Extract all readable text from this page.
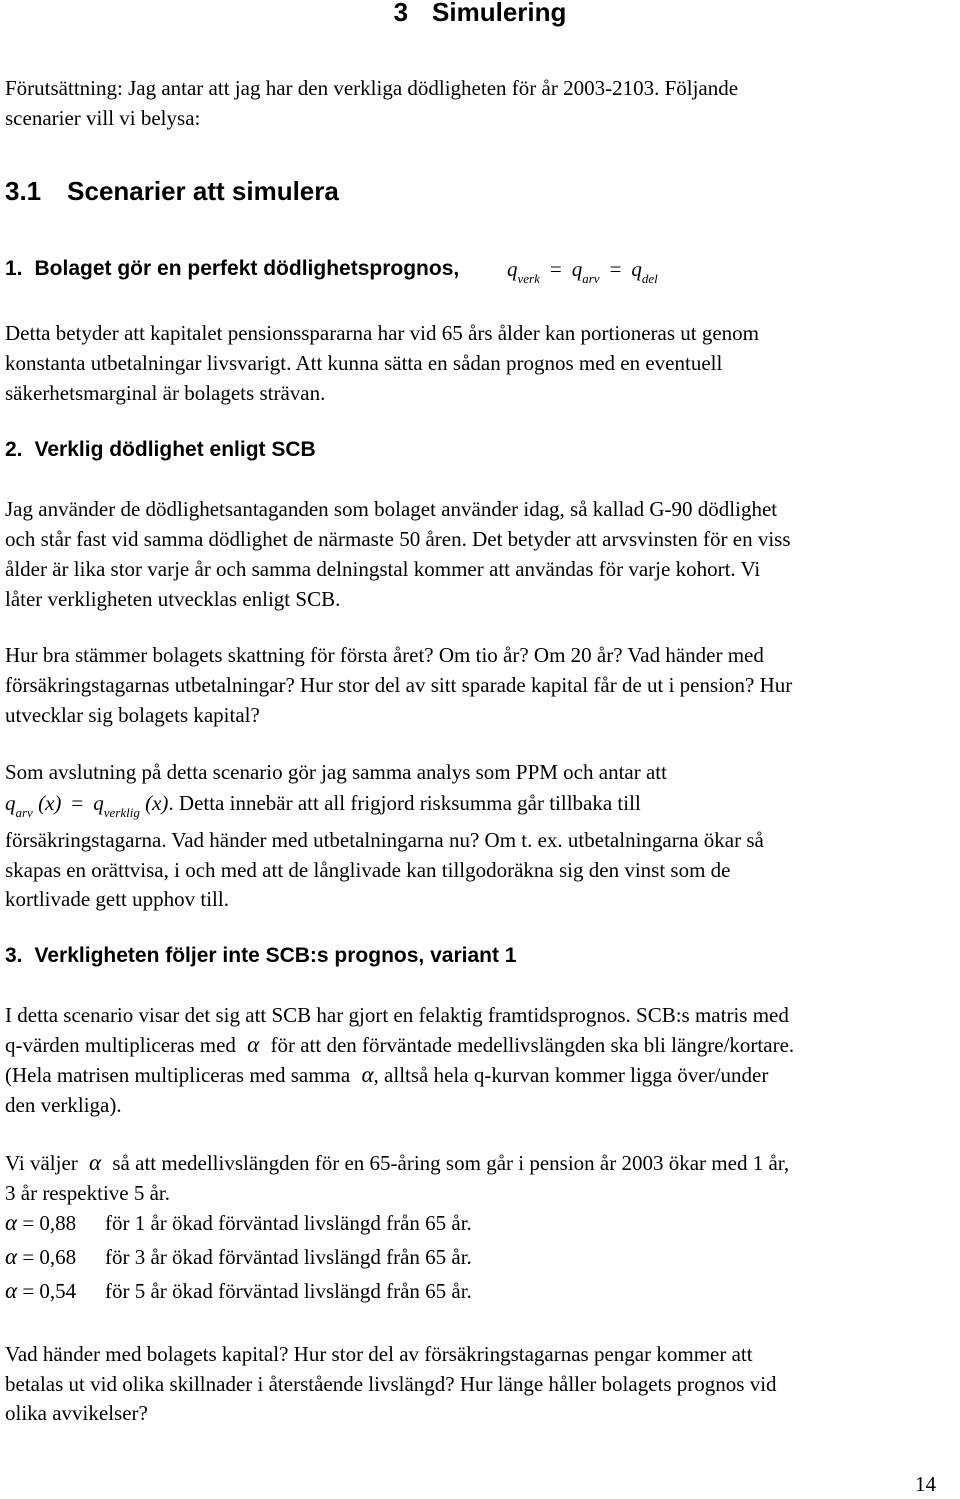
3 Simulering

Förutsättning: Jag antar att jag har den verkliga dödligheten för år 2003-2103. Följande

scenarier vill vi belysa:

3.1 Scenarier att simulera
1. Bolaget gör en perfekt dödlighetsprognos, $q_{verk} = q_{arv} = q_{del}$

Detta betyder att kapitalet pensionsspararna har vid 65 års ålder kan portioneras ut genom

konstanta utbetalningar livsvarigt. Att kunna sätta en sådan prognos med en eventuell

säkerhetsmarginal är bolagets strävan.

2. Verklig dödlighet enligt SCB

Jag använder de dödlighetsantaganden som bolaget använder idag, så kallad G-90 dödlighet

och står fast vid samma dödlighet de närmaste 50 åren. Det betyder att arvsvinsten för en viss

ålder är lika stor varje år och samma delningstal kommer att användas för varje kohort. Vi

låter verkligheten utvecklas enligt SCB.

Hur bra stämmer bolagets skattning för första året? Om tio år? Om 20 år? Vad händer med

försäkringstagarnas utbetalningar? Hur stor del av sitt sparade kapital får de ut i pension? Hur

utvecklar sig bolagets kapital?

Som avslutning på detta scenario gör jag samma analys som PPM och antar att

$q_{arv}$ $(x) = q_{verklig}$ (x). Detta innebär att all frigjord risksumma går tillbaka till

försäkringstagarna. Vad händer med utbetalningarna nu? Om t. ex. utbetalningarna ökar så

skapas en orättvisa, i och med att de långlivade kan tillgodoräkna sig den vinst som de

kortlivade gett upphov till.

3. Verkligheten följer inte SCB:s prognos, variant 1

I detta scenario visar det sig att SCB har gjort en felaktig framtidsprognos. SCB:s matris med

q-värden multipliceras med α för att den förväntade medellivslängden ska bli längre/kortare.

(Hela matrisen multipliceras med samma α, alltså hela q-kurvan kommer ligga över/under

den verkliga).

Vi väljer α så att medellivslängden för en 65-åring som går i pension år 2003 ökar med 1 år,

3 år respektive 5 år.

α = 0,88 för 1 år ökad förväntad livslängd från 65 år.

α = 0,68 för 3 år ökad förväntad livslängd från 65 år.

α = 0,54 för 5 år ökad förväntad livslängd från 65 år.

Vad händer med bolagets kapital? Hur stor del av försäkringstagarnas pengar kommer att

betalas ut vid olika skillnader i återstående livslängd? Hur länge håller bolagets prognos vid

olika avvikelser?

14
